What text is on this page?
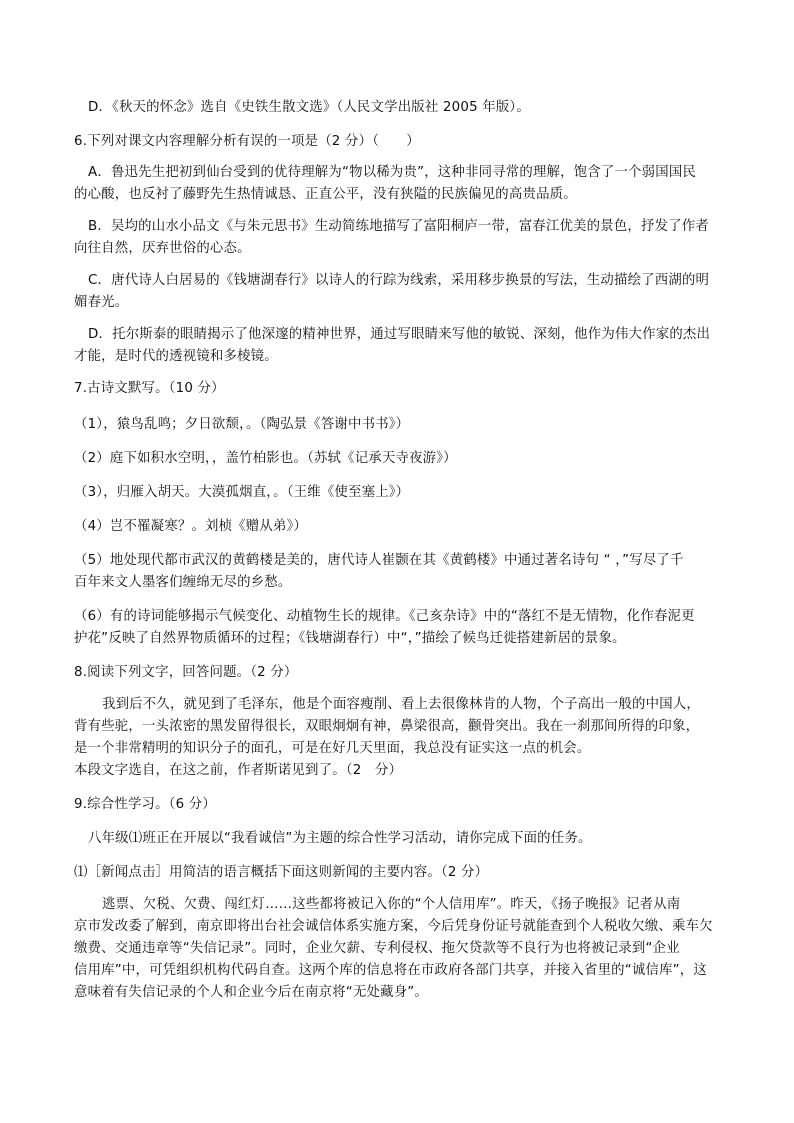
D．《秋天的怀念》选自《史铁生散文选》（人民文学出版社 2005 年版）。
6.下列对课文内容理解分析有误的一项是（2 分）（　　）
A．鲁迅先生把初到仙台受到的优待理解为“物以稀为贵”，这种非同寻常的理解，饱含了一个弱国国民
的心酸，也反衬了藤野先生热情诚恳、正直公平，没有狭隘的民族偏见的高贵品质。
B．吴均的山水小品文《与朱元思书》生动简练地描写了富阳桐庐一带，富春江优美的景色，抒发了作者
向往自然，厌弃世俗的心态。
C．唐代诗人白居易的《钱塘湖春行》以诗人的行踪为线索，采用移步换景的写法，生动描绘了西湖的明
媚春光。
D．托尔斯泰的眼睛揭示了他深邃的精神世界，通过写眼睛来写他的敏锐、深刻，他作为伟大作家的杰出
才能，是时代的透视镜和多棱镜。
7.古诗文默写。（10 分）
（1），猿鸟乱鸣；夕日欲颓，。（陶弘景《答谢中书书》）
（2）庭下如积水空明，，盖竹柏影也。（苏轼《记承天寺夜游》）
（3），归雁入胡天。大漠孤烟直，。（王维《使至塞上》）
（4）岂不罹凝寒？。刘桢《赠从弟》）
（5）地处现代都市武汉的黄鹤楼是美的，唐代诗人崔颢在其《黄鹤楼》中通过著名诗句 “ ，”写尽了千
百年来文人墨客们缠绵无尽的乡愁。
（6）有的诗词能够揭示气候变化、动植物生长的规律。《己亥杂诗》中的“落红不是无情物，化作春泥更
护花”反映了自然界物质循环的过程；《钱塘湖春行）中“，”描绘了候鸟迁徙搭建新居的景象。
8.阅读下列文字，回答问题。（2 分）
我到后不久，就见到了毛泽东，他是个面容瘦削、看上去很像林肯的人物，个子高出一般的中国人，
背有些驼，一头浓密的黑发留得很长，双眼炯炯有神，鼻梁很高，颧骨突出。我在一刹那间所得的印象，
是一个非常精明的知识分子的面孔，可是在好几天里面，我总没有证实这一点的机会。
本段文字选自，在这之前，作者斯诺见到了。（2　分）
9.综合性学习。（6 分）
八年级⑴班正在开展以“我看诚信”为主题的综合性学习活动，请你完成下面的任务。
⑴［新闻点击］用简洁的语言概括下面这则新闻的主要内容。（2 分）
逃票、欠税、欠费、闯红灯……这些都将被记入你的“个人信用库”。昨天，《扬子晚报》记者从南
京市发改委了解到，南京即将出台社会诚信体系实施方案，今后凭身份证号就能查到个人税收欠缴、乘车欠
缴费、交通违章等“失信记录”。同时，企业欠薪、专利侵权、拖欠贷款等不良行为也将被记录到“企业
信用库”中，可凭组织机构代码自查。这两个库的信息将在市政府各部门共享，并接入省里的“诚信库”，这
意味着有失信记录的个人和企业今后在南京将“无处藏身”。
